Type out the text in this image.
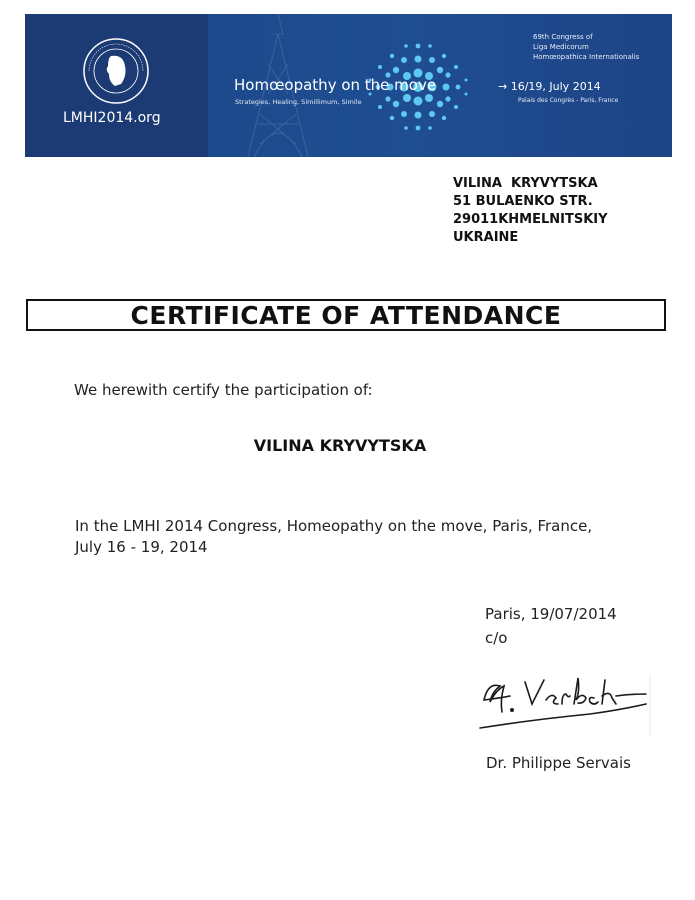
LMHI2014.org
Homœopathy on the move
Strategies, Healing, Simillimum, Simile
69th Congress of
Liga Medicorum
Homœopathica Internationalis
→ 16/19, July 2014
Palais des Congrès - Paris, France
VILINA  KRYVYTSKA
51 BULAENKO STR.
29011KHMELNITSKIY
UKRAINE
CERTIFICATE OF ATTENDANCE
We herewith certify the participation of:
VILINA KRYVYTSKA
In the LMHI 2014 Congress, Homeopathy on the move, Paris, France,
July 16 - 19, 2014
Paris, 19/07/2014
c/o
Dr. Philippe Servais
